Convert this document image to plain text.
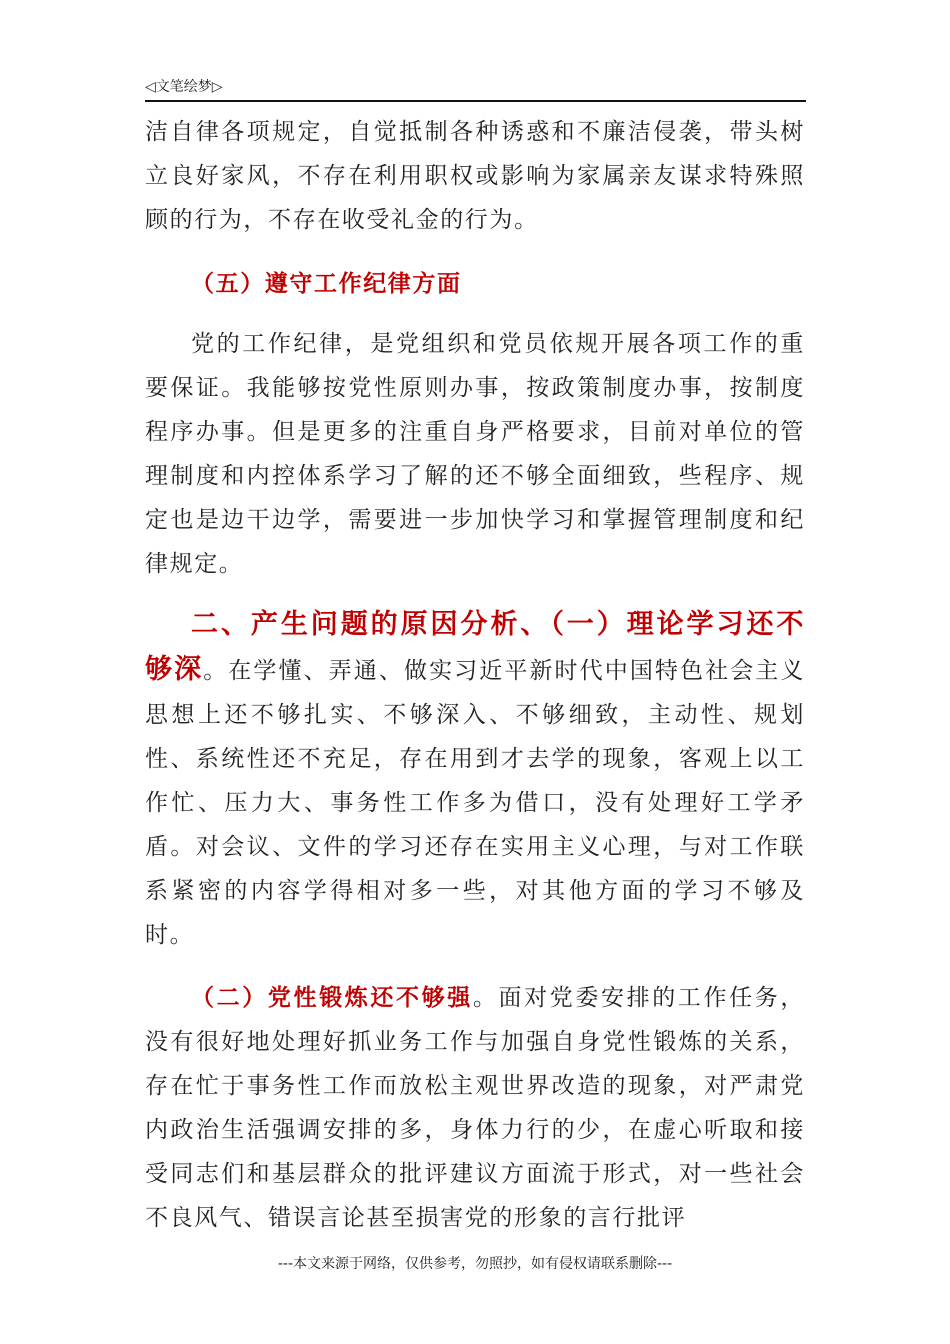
◁文笔绘梦▷

洁自律各项规定，自觉抵制各种诱惑和不廉洁侵袭，带头树立良好家风，不存在利用职权或影响为家属亲友谋求特殊照顾的行为，不存在收受礼金的行为。

（五）遵守工作纪律方面

党的工作纪律，是党组织和党员依规开展各项工作的重要保证。我能够按党性原则办事，按政策制度办事，按制度程序办事。但是更多的注重自身严格要求，目前对单位的管理制度和内控体系学习了解的还不够全面细致，些程序、规定也是边干边学，需要进一步加快学习和掌握管理制度和纪律规定。

二、产生问题的原因分析、（一）理论学习还不够深。在学懂、弄通、做实习近平新时代中国特色社会主义思想上还不够扎实、不够深入、不够细致，主动性、规划性、系统性还不充足，存在用到才去学的现象，客观上以工作忙、压力大、事务性工作多为借口，没有处理好工学矛盾。对会议、文件的学习还存在实用主义心理，与对工作联系紧密的内容学得相对多一些，对其他方面的学习不够及时。

（二）党性锻炼还不够强。面对党委安排的工作任务，没有很好地处理好抓业务工作与加强自身党性锻炼的关系，存在忙于事务性工作而放松主观世界改造的现象，对严肃党内政治生活强调安排的多，身体力行的少，在虚心听取和接受同志们和基层群众的批评建议方面流于形式，对一些社会不良风气、错误言论甚至损害党的形象的言行批评

---本文来源于网络，仅供参考，勿照抄，如有侵权请联系删除---
